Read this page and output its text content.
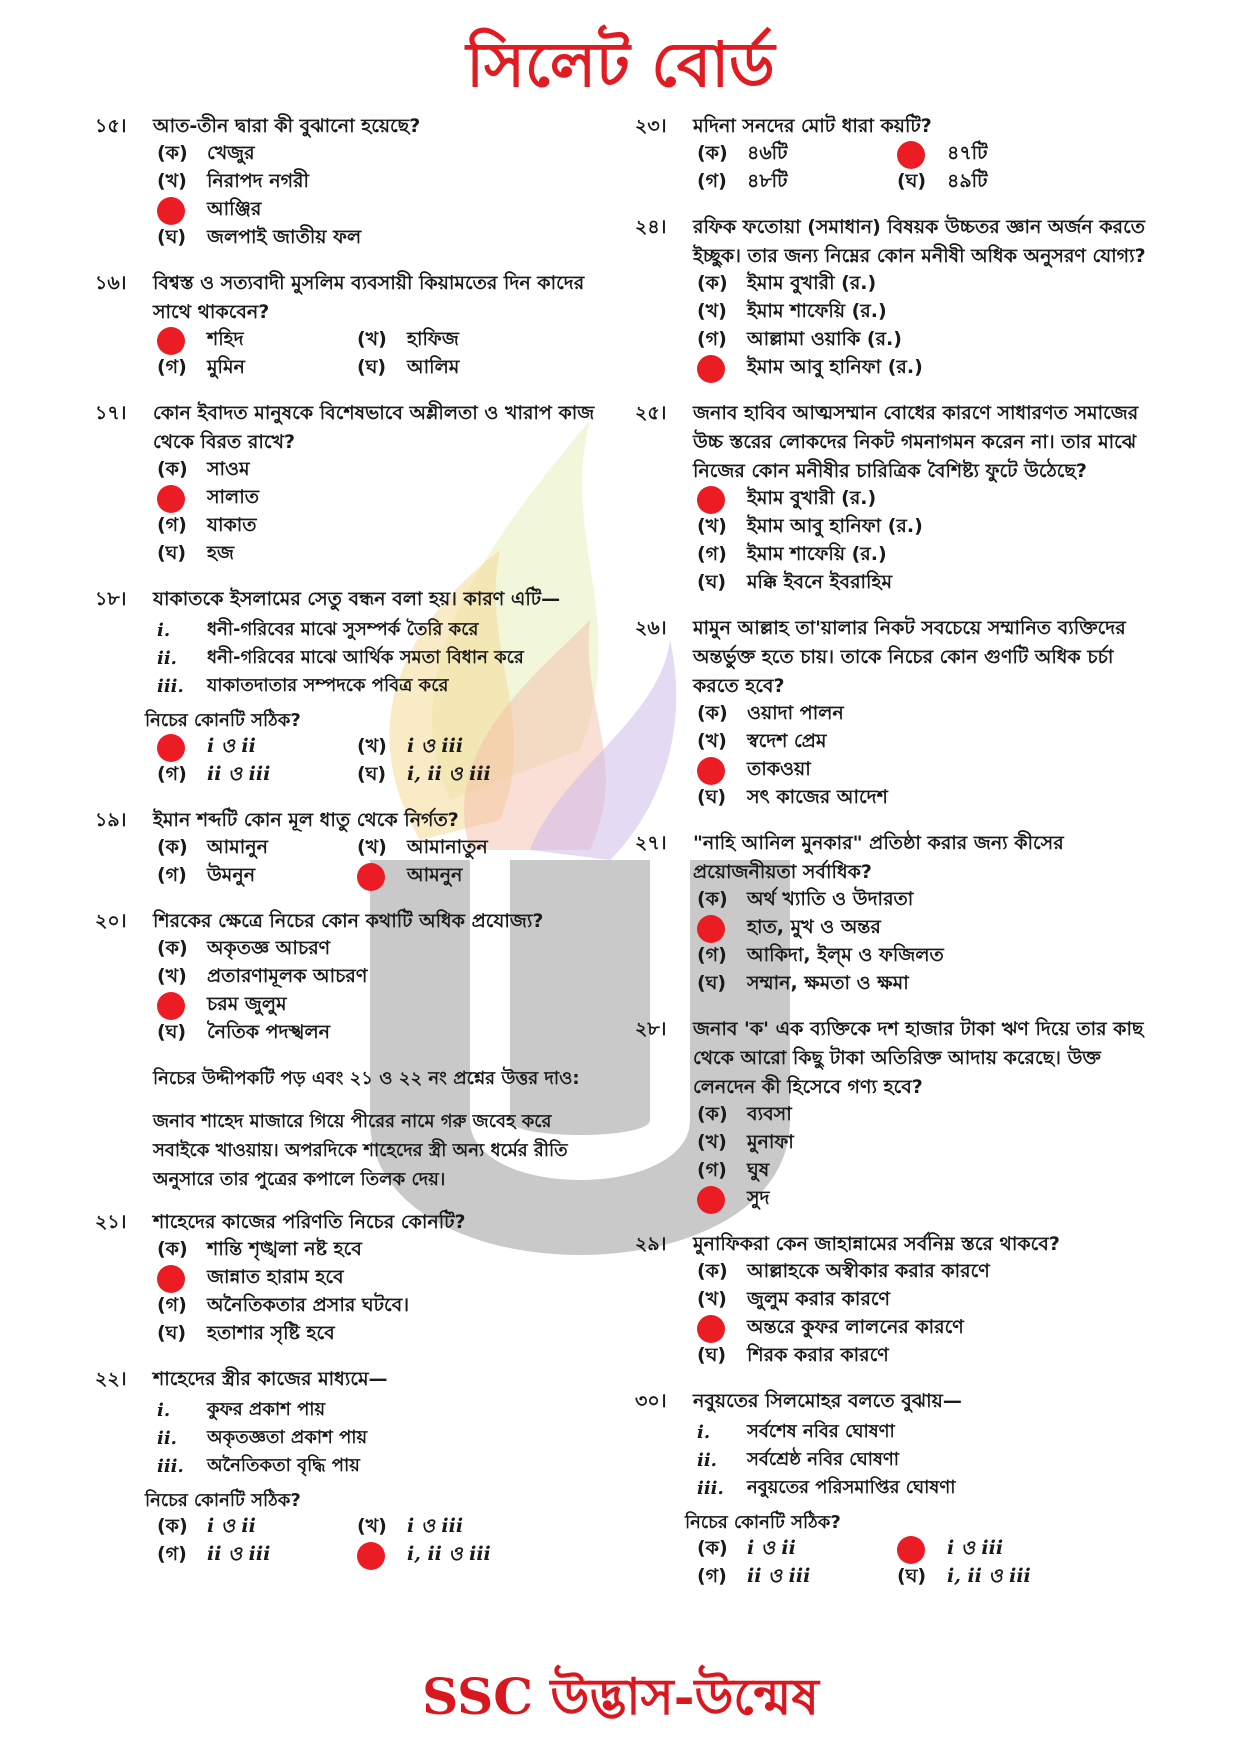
সিলেট বোর্ড
১৫।	আত-তীন দ্বারা কী বুঝানো হয়েছে?
(ক)	খেজুর
(খ)	নিরাপদ নগরী
আঞ্জির
(ঘ)	জলপাই জাতীয় ফল
১৬।	বিশ্বস্ত ও সত্যবাদী মুসলিম ব্যবসায়ী কিয়ামতের দিন কাদের সাথে থাকবেন?
শহিদ	(খ)	হাফিজ
(গ)	মুমিন	(ঘ)	আলিম
১৭।	কোন ইবাদত মানুষকে বিশেষভাবে অশ্লীলতা ও খারাপ কাজ থেকে বিরত রাখে?
(ক)	সাওম
সালাত
(গ)	যাকাত
(ঘ)	হজ
১৮।	যাকাতকে ইসলামের সেতু বন্ধন বলা হয়। কারণ এটি—
i.	ধনী-গরিবের মাঝে সুসম্পর্ক তৈরি করে
ii.	ধনী-গরিবের মাঝে আর্থিক সমতা বিধান করে
iii.	যাকাতদাতার সম্পদকে পবিত্র করে
নিচের কোনটি সঠিক?
i ও ii	(খ)	i ও iii
(গ)	ii ও iii	(ঘ)	i, ii ও iii
১৯।	ইমান শব্দটি কোন মূল ধাতু থেকে নির্গত?
(ক)	আমানুন	(খ)	আমানাতুন
(গ)	উমনুন	আমনুন
২০।	শিরকের ক্ষেত্রে নিচের কোন কথাটি অধিক প্রযোজ্য?
(ক)	অকৃতজ্ঞ আচরণ
(খ)	প্রতারণামূলক আচরণ
চরম জুলুম
(ঘ)	নৈতিক পদস্খলন
নিচের উদ্দীপকটি পড় এবং ২১ ও ২২ নং প্রশ্নের উত্তর দাও:
জনাব শাহেদ মাজারে গিয়ে পীরের নামে গরু জবেহ করে সবাইকে খাওয়ায়। অপরদিকে শাহেদের স্ত্রী অন্য ধর্মের রীতি অনুসারে তার পুত্রের কপালে তিলক দেয়।
২১।	শাহেদের কাজের পরিণতি নিচের কোনটি?
(ক)	শান্তি শৃঙ্খলা নষ্ট হবে
জান্নাত হারাম হবে
(গ)	অনৈতিকতার প্রসার ঘটবে।
(ঘ)	হতাশার সৃষ্টি হবে
২২।	শাহেদের স্ত্রীর কাজের মাধ্যমে—
i.	কুফর প্রকাশ পায়
ii.	অকৃতজ্ঞতা প্রকাশ পায়
iii.	অনৈতিকতা বৃদ্ধি পায়
নিচের কোনটি সঠিক?
(ক)	i ও ii	(খ)	i ও iii
(গ)	ii ও iii	i, ii ও iii
২৩।	মদিনা সনদের মোট ধারা কয়টি?
(ক)	৪৬টি	৪৭টি
(গ)	৪৮টি	(ঘ)	৪৯টি
২৪।	রফিক ফতোয়া (সমাধান) বিষয়ক উচ্চতর জ্ঞান অর্জন করতে ইচ্ছুক। তার জন্য নিম্নের কোন মনীষী অধিক অনুসরণ যোগ্য?
(ক)	ইমাম বুখারী (র.)
(খ)	ইমাম শাফেয়ি (র.)
(গ)	আল্লামা ওয়াকি (র.)
ইমাম আবু হানিফা (র.)
২৫।	জনাব হাবিব আত্মসম্মান বোধের কারণে সাধারণত সমাজের উচ্চ স্তরের লোকদের নিকট গমনাগমন করেন না। তার মাঝে নিজের কোন মনীষীর চারিত্রিক বৈশিষ্ট্য ফুটে উঠেছে?
ইমাম বুখারী (র.)
(খ)	ইমাম আবু হানিফা (র.)
(গ)	ইমাম শাফেয়ি (র.)
(ঘ)	মক্কি ইবনে ইবরাহিম
২৬।	মামুন আল্লাহ তা'য়ালার নিকট সবচেয়ে সম্মানিত ব্যক্তিদের অন্তর্ভুক্ত হতে চায়। তাকে নিচের কোন গুণটি অধিক চর্চা করতে হবে?
(ক)	ওয়াদা পালন
(খ)	স্বদেশ প্রেম
তাকওয়া
(ঘ)	সৎ কাজের আদেশ
২৭।	"নাহি আনিল মুনকার" প্রতিষ্ঠা করার জন্য কীসের প্রয়োজনীয়তা সর্বাধিক?
(ক)	অর্থ খ্যাতি ও উদারতা
হাত, মুখ ও অন্তর
(গ)	আকিদা, ইল্‌ম ও ফজিলত
(ঘ)	সম্মান, ক্ষমতা ও ক্ষমা
২৮।	জনাব 'ক' এক ব্যক্তিকে দশ হাজার টাকা ঋণ দিয়ে তার কাছ থেকে আরো কিছু টাকা অতিরিক্ত আদায় করেছে। উক্ত লেনদেন কী হিসেবে গণ্য হবে?
(ক)	ব্যবসা
(খ)	মুনাফা
(গ)	ঘুষ
সুদ
২৯।	মুনাফিকরা কেন জাহান্নামের সর্বনিম্ন স্তরে থাকবে?
(ক)	আল্লাহকে অস্বীকার করার কারণে
(খ)	জুলুম করার কারণে
অন্তরে কুফর লালনের কারণে
(ঘ)	শিরক করার কারণে
৩০।	নবুয়তের সিলমোহর বলতে বুঝায়—
i.	সর্বশেষ নবির ঘোষণা
ii.	সর্বশ্রেষ্ঠ নবির ঘোষণা
iii.	নবুয়তের পরিসমাপ্তির ঘোষণা
নিচের কোনটি সঠিক?
(ক)	i ও ii	i ও iii
(গ)	ii ও iii	(ঘ)	i, ii ও iii
SSC উদ্ভাস-উন্মেষ
